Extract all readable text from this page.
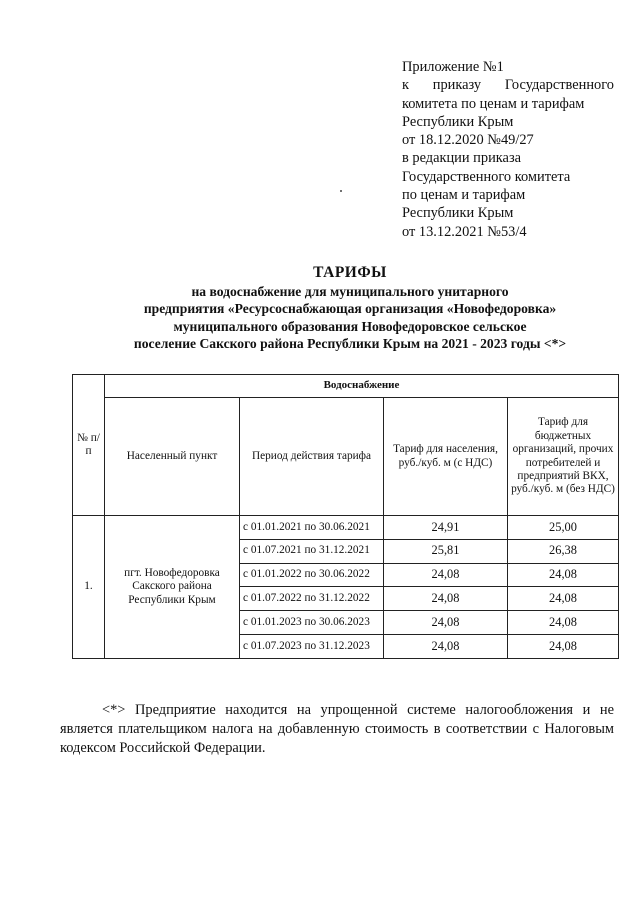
Приложение №1
к приказу Государственного
комитета по ценам и тарифам
Республики Крым
от 18.12.2020 №49/27
в редакции приказа
Государственного комитета
по ценам и тарифам
Республики Крым
от 13.12.2021 №53/4
ТАРИФЫ
на водоснабжение для муниципального унитарного
предприятия «Ресурсоснабжающая организация «Новофедоровка»
муниципального образования Новофедоровское сельское
поселение Сакского района Республики Крым на 2021 - 2023 годы <*>
№ п/п	Водоснабжение			
	Населенный пункт	Период действия тарифа	Тариф для населения, руб./куб. м (с НДС)	Тариф для бюджетных организаций, прочих потребителей и предприятий ВКХ, руб./куб. м (без НДС)
1.	пгт. Новофедоровка Сакского района Республики Крым	с 01.01.2021 по 30.06.2021	24,91	25,00
		с 01.07.2021 по 31.12.2021	25,81	26,38
		с 01.01.2022 по 30.06.2022	24,08	24,08
		с 01.07.2022 по 31.12.2022	24,08	24,08
		с 01.01.2023 по 30.06.2023	24,08	24,08
		с 01.07.2023 по 31.12.2023	24,08	24,08
<*> Предприятие находится на упрощенной системе налогообложения и не является плательщиком налога на добавленную стоимость в соответствии с Налоговым кодексом Российской Федерации.
